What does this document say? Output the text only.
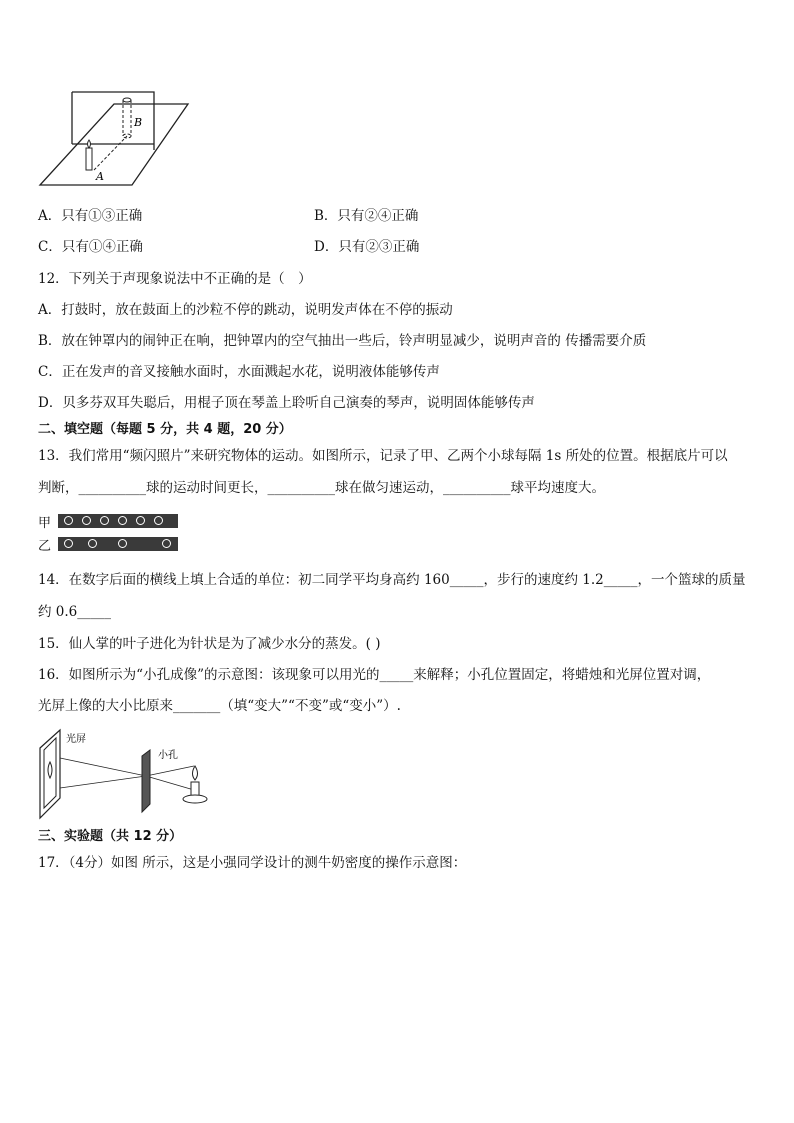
B
A
A．只有①③正确	B．只有②④正确
C．只有①④正确	D．只有②③正确
12．下列关于声现象说法中不正确的是（　）
A．打鼓时，放在鼓面上的沙粒不停的跳动，说明发声体在不停的振动
B．放在钟罩内的闹钟正在响，把钟罩内的空气抽出一些后，铃声明显减少，说明声音的 传播需要介质
C．正在发声的音叉接触水面时，水面溅起水花，说明液体能够传声
D．贝多芬双耳失聪后，用棍子顶在琴盖上聆听自己演奏的琴声，说明固体能够传声
二、填空题（每题 5 分，共 4 题，20 分）
13．我们常用“频闪照片”来研究物体的运动。如图所示，记录了甲、乙两个小球每隔 1s 所处的位置。根据底片可以
判断，__________球的运动时间更长，__________球在做匀速运动，__________球平均速度大。
甲
乙
14．在数字后面的横线上填上合适的单位：初二同学平均身高约 160_____，步行的速度约 1.2_____，一个篮球的质量
约 0.6_____
15．仙人掌的叶子进化为针状是为了减少水分的蒸发。( )
16．如图所示为“小孔成像”的示意图：该现象可以用光的_____来解释；小孔位置固定，将蜡烛和光屏位置对调，
光屏上像的大小比原来_______（填“变大”“不变”或“变小”）.
光屏
小孔
三、实验题（共 12 分）
17．（4分）如图 所示，这是小强同学设计的测牛奶密度的操作示意图：
